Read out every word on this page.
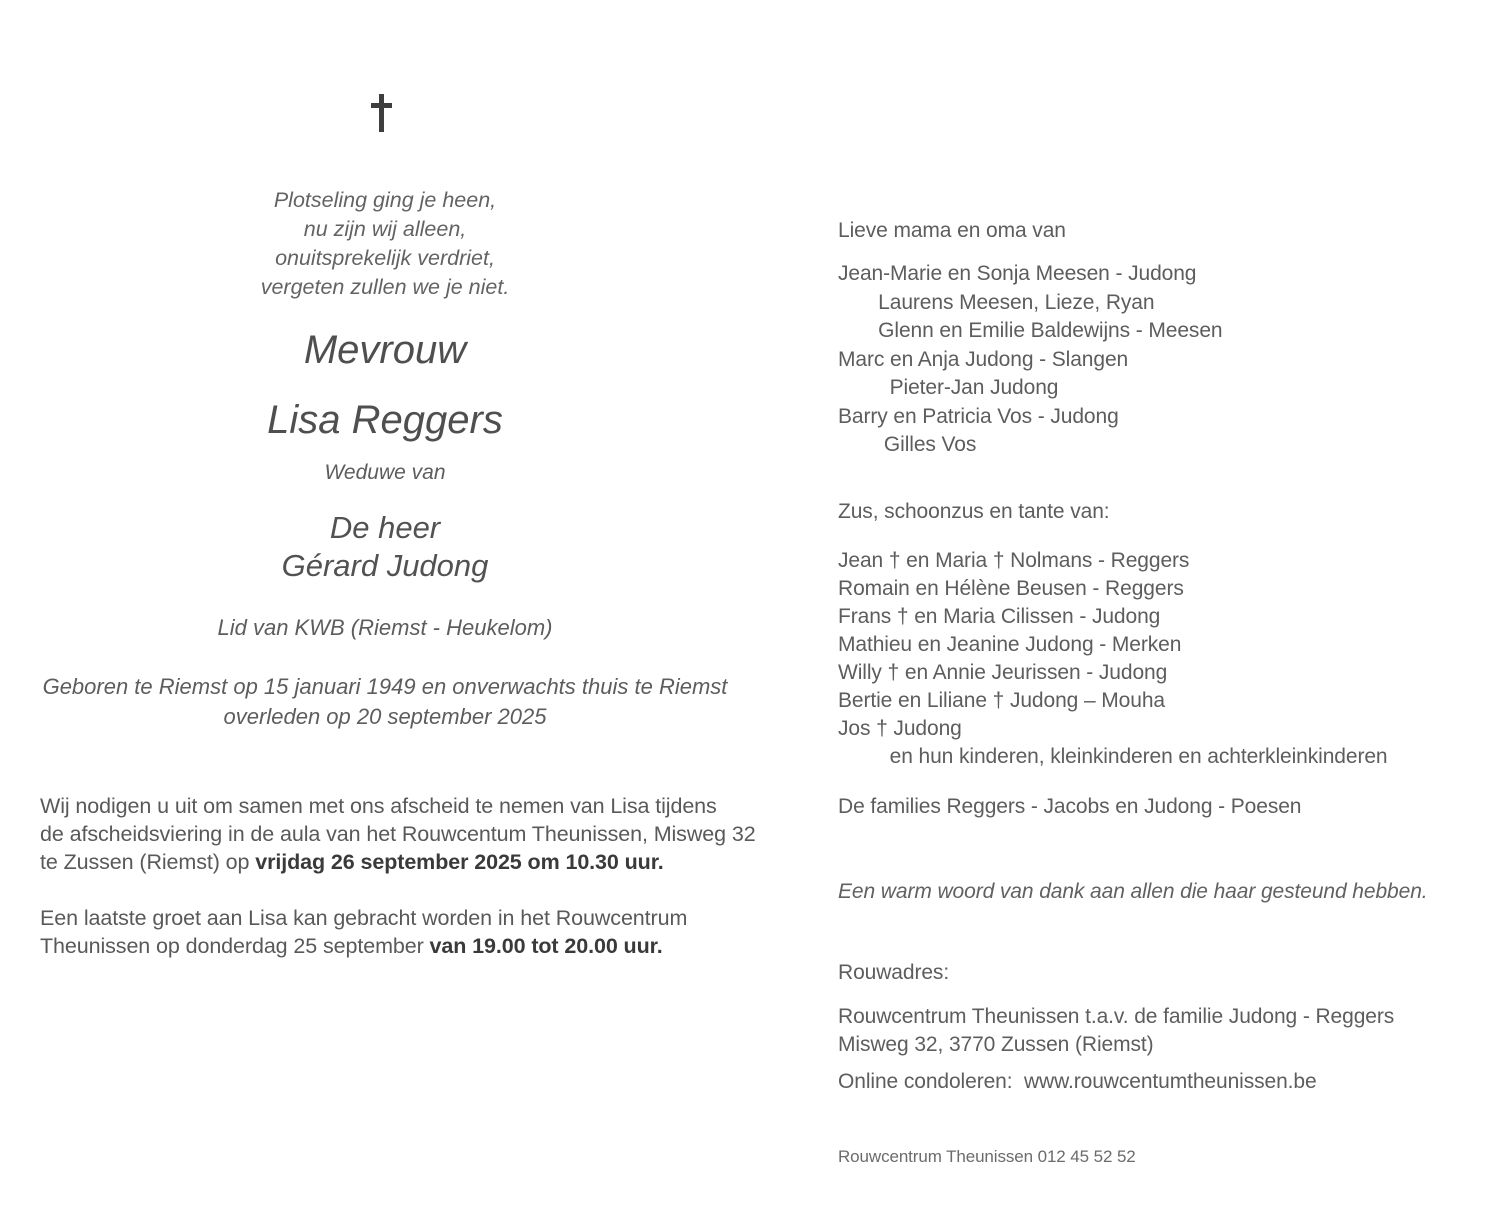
Plotseling ging je heen,
nu zijn wij alleen,
onuitsprekelijk verdriet,
vergeten zullen we je niet.
Mevrouw
Lisa Reggers
Weduwe van
De heer
Gérard Judong
Lid van KWB (Riemst - Heukelom)
Geboren te Riemst op 15 januari 1949 en onverwachts thuis te Riemst
overleden op 20 september 2025
Wij nodigen u uit om samen met ons afscheid te nemen van Lisa tijdens
de afscheidsviering in de aula van het Rouwcentum Theunissen, Misweg 32
te Zussen (Riemst) op vrijdag 26 september 2025 om 10.30 uur.
Een laatste groet aan Lisa kan gebracht worden in het Rouwcentrum
Theunissen op donderdag 25 september van 19.00 tot 20.00 uur.
Lieve mama en oma van
Jean-Marie en Sonja Meesen - Judong
Laurens Meesen, Lieze, Ryan
Glenn en Emilie Baldewijns - Meesen
Marc en Anja Judong - Slangen
Pieter-Jan Judong
Barry en Patricia Vos - Judong
Gilles Vos
Zus, schoonzus en tante van:
Jean † en Maria † Nolmans - Reggers
Romain en Hélène Beusen - Reggers
Frans † en Maria Cilissen - Judong
Mathieu en Jeanine Judong - Merken
Willy † en Annie Jeurissen - Judong
Bertie en Liliane † Judong – Mouha
Jos † Judong
en hun kinderen, kleinkinderen en achterkleinkinderen
De families Reggers - Jacobs en Judong - Poesen
Een warm woord van dank aan allen die haar gesteund hebben.
Rouwadres:
Rouwcentrum Theunissen t.a.v. de familie Judong - Reggers
Misweg 32, 3770 Zussen (Riemst)
Online condoleren:  www.rouwcentumtheunissen.be
Rouwcentrum Theunissen 012 45 52 52
